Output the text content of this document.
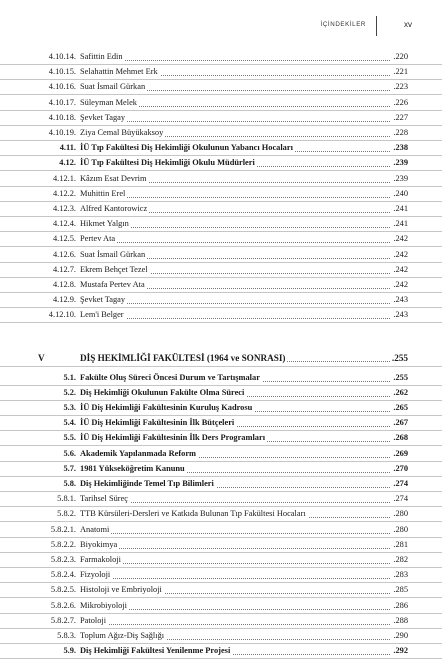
İÇİNDEKİLER	xv
4.10.14. Safittin Edin	. 220
4.10.15. Selahattin Mehmet Erk	. 221
4.10.16. Suat İsmail Gürkan	. 223
4.10.17. Süleyman Melek	. 226
4.10.18. Şevket Tagay	. 227
4.10.19. Ziya Cemal Büyükaksoy	. 228
4.11. İÜ Tıp Fakültesi Diş Hekimliği Okulunun Yabancı Hocaları	. 238
4.12. İÜ Tıp Fakültesi Diş Hekimliği Okulu Müdürleri	. 239
4.12.1. Kâzım Esat Devrim	. 239
4.12.2. Muhittin Erel	. 240
4.12.3. Alfred Kantorowicz	. 241
4.12.4. Hikmet Yalgın	. 241
4.12.5. Pertev Ata	. 242
4.12.6. Suat İsmail Gürkan	. 242
4.12.7. Ekrem Behçet Tezel	. 242
4.12.8. Mustafa Pertev Ata	. 242
4.12.9. Şevket Tagay	. 243
4.12.10. Lem'i Belger	. 243
V	DİŞ HEKİMLİĞİ FAKÜLTESİ (1964 ve SONRASI)	. 255
5.1. Fakülte Oluş Süreci Öncesi Durum ve Tartışmalar	. 255
5.2. Diş Hekimliği Okulunun Fakülte Olma Süreci	. 262
5.3. İÜ Diş Hekimliği Fakültesinin Kuruluş Kadrosu	. 265
5.4. İÜ Diş Hekimliği Fakültesinin İlk Bütçeleri	. 267
5.5. İÜ Diş Hekimliği Fakültesinin İlk Ders Programları	. 268
5.6. Akademik Yapılanmada Reform	. 269
5.7. 1981 Yükseköğretim Kanunu	. 270
5.8. Diş Hekimliğinde Temel Tıp Bilimleri	. 274
5.8.1. Tarihsel Süreç	. 274
5.8.2. TTB Kürsüleri-Dersleri ve Katkıda Bulunan Tıp Fakültesi Hocaları	. 280
5.8.2.1. Anatomi	. 280
5.8.2.2. Biyokimya	. 281
5.8.2.3. Farmakoloji	. 282
5.8.2.4. Fizyoloji	. 283
5.8.2.5. Histoloji ve Embriyoloji	. 285
5.8.2.6. Mikrobiyoloji	. 286
5.8.2.7. Patoloji	. 288
5.8.3. Toplum Ağız-Diş Sağlığı	. 290
5.9. Diş Hekimliği Fakültesi Yenilenme Projesi	. 292
